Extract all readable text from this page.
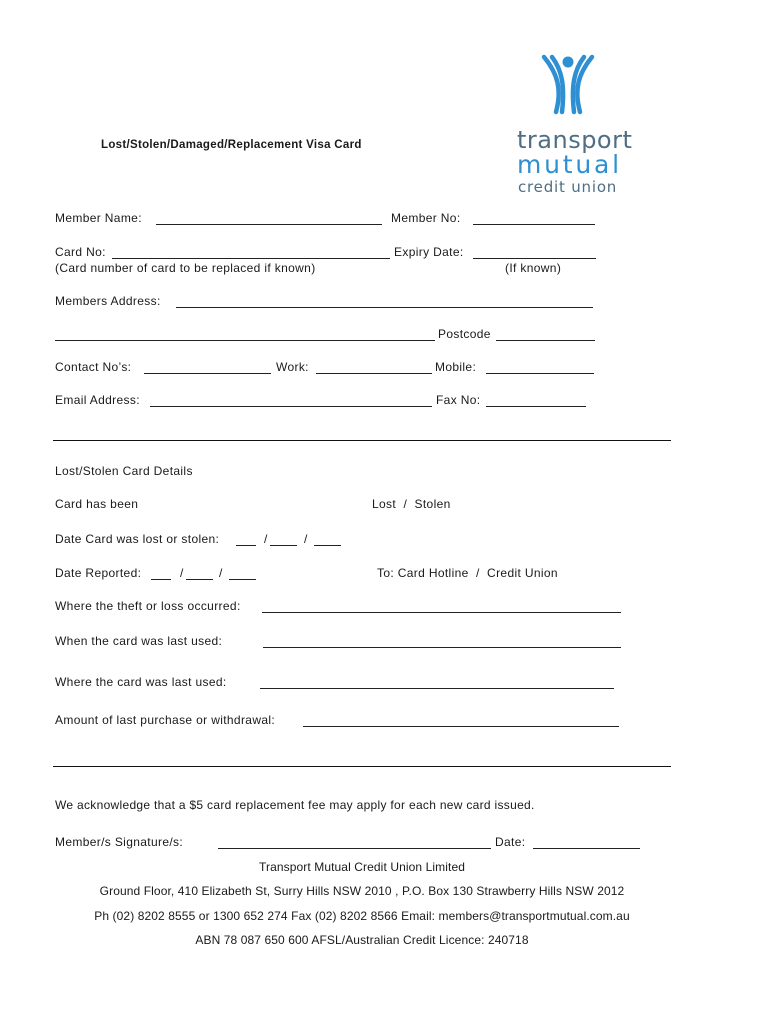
transport
mutual
credit union
Lost/Stolen/Damaged/Replacement Visa Card
Member Name:	Member No:
Card No:	Expiry Date:
(Card number of card to be replaced if known)	(If known)
Members Address:
Postcode
Contact No’s:	Work:	Mobile:
Email Address:	Fax No:
Lost/Stolen Card Details
Card has been	Lost  /  Stolen
Date Card was lost or stolen:	/	/
Date Reported:	/	/	To: Card Hotline  /  Credit Union
Where the theft or loss occurred:
When the card was last used:
Where the card was last used:
Amount of last purchase or withdrawal:
We acknowledge that a $5 card replacement fee may apply for each new card issued.
Member/s Signature/s:	Date:
Transport Mutual Credit Union Limited
Ground Floor, 410 Elizabeth St, Surry Hills NSW 2010 , P.O. Box 130 Strawberry Hills NSW 2012
Ph (02) 8202 8555 or 1300 652 274 Fax (02) 8202 8566 Email: members@transportmutual.com.au
ABN 78 087 650 600 AFSL/Australian Credit Licence: 240718
